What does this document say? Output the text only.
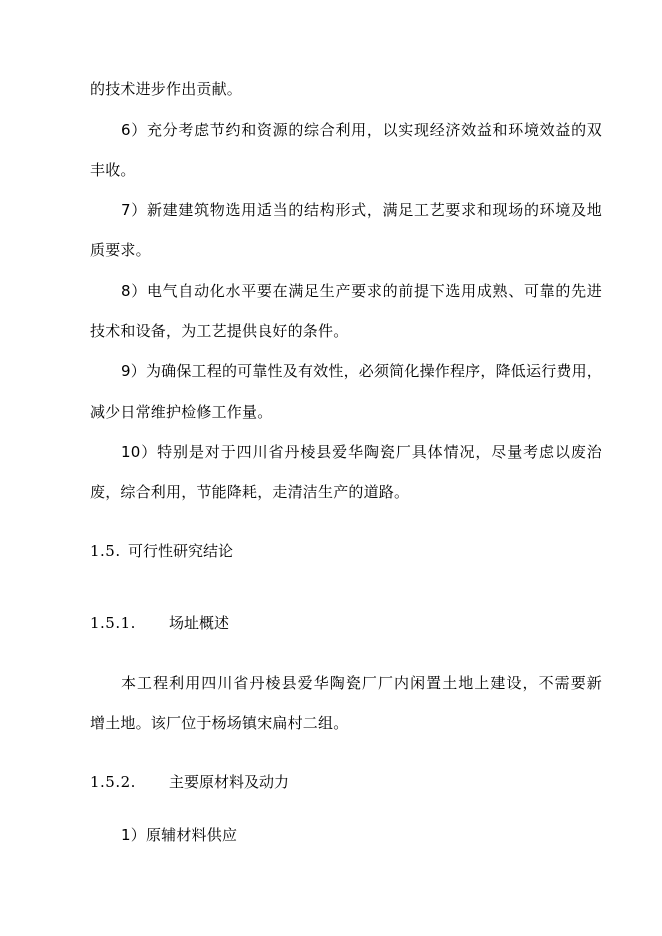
的技术进步作出贡献。
6）充分考虑节约和资源的综合利用，以实现经济效益和环境效益的双
丰收。
7）新建建筑物选用适当的结构形式，满足工艺要求和现场的环境及地
质要求。
8）电气自动化水平要在满足生产要求的前提下选用成熟、可靠的先进
技术和设备，为工艺提供良好的条件。
9）为确保工程的可靠性及有效性，必须简化操作程序，降低运行费用，
减少日常维护检修工作量。
10）特别是对于四川省丹棱县爱华陶瓷厂具体情况，尽量考虑以废治
废，综合利用，节能降耗，走清洁生产的道路。
1.5. 可行性研究结论
1.5.1. 场址概述
本工程利用四川省丹棱县爱华陶瓷厂厂内闲置土地上建设，不需要新
增土地。该厂位于杨场镇宋扁村二组。
1.5.2. 主要原材料及动力
1）原辅材料供应
